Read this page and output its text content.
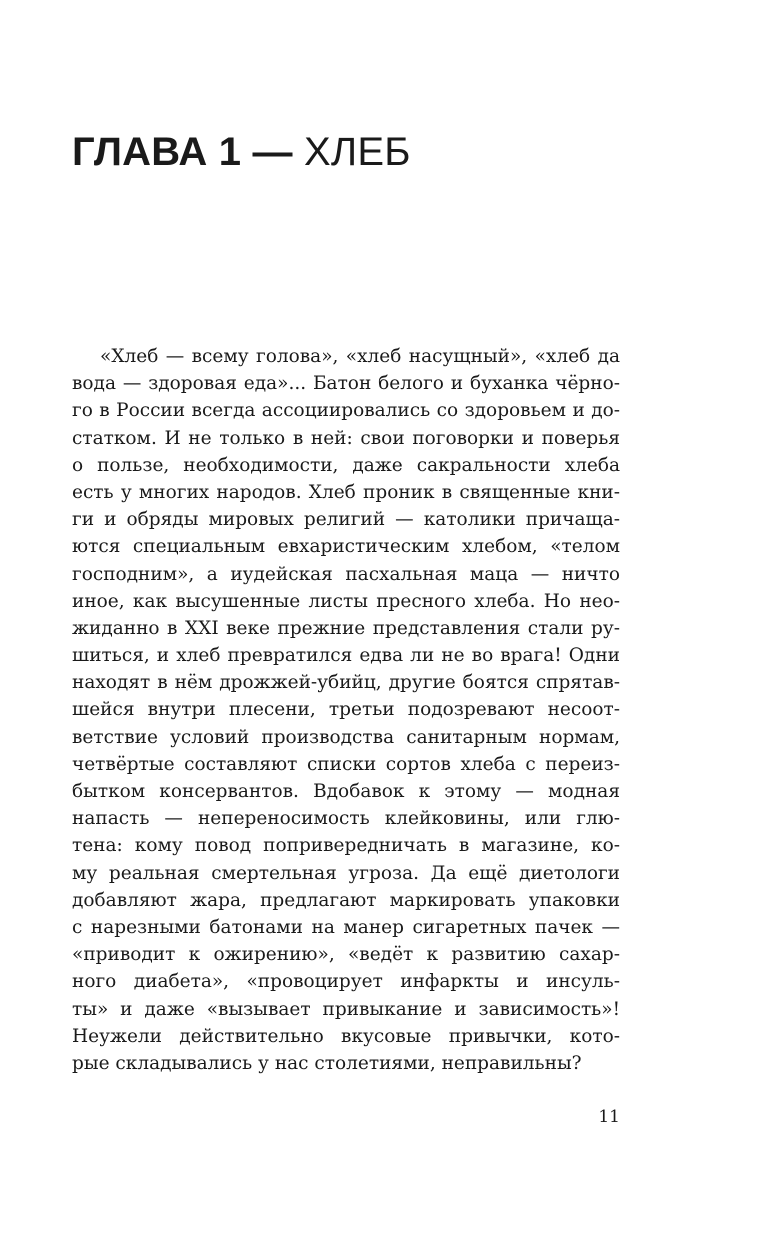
ГЛАВА 1 — ХЛЕБ
«Хлеб — всему голова», «хлеб насущный», «хлеб да
вода — здоровая еда»... Батон белого и буханка чёрно-
го в России всегда ассоциировались со здоровьем и до-
статком. И не только в ней: свои поговорки и поверья
о пользе, необходимости, даже сакральности хлеба
есть у многих народов. Хлеб проник в священные кни-
ги и обряды мировых религий — католики причаща-
ются специальным евхаристическим хлебом, «телом
господним», а иудейская пасхальная маца — ничто
иное, как высушенные листы пресного хлеба. Но нео-
жиданно в XXI веке прежние представления стали ру-
шиться, и хлеб превратился едва ли не во врага! Одни
находят в нём дрожжей-убийц, другие боятся спрятав-
шейся внутри плесени, третьи подозревают несоот-
ветствие условий производства санитарным нормам,
четвёртые составляют списки сортов хлеба с переиз-
бытком консервантов. Вдобавок к этому — модная
напасть — непереносимость клейковины, или глю-
тена: кому повод попривередничать в магазине, ко-
му реальная смертельная угроза. Да ещё диетологи
добавляют жара, предлагают маркировать упаковки
с нарезными батонами на манер сигаретных пачек —
«приводит к ожирению», «ведёт к развитию сахар-
ного диабета», «провоцирует инфаркты и инсуль-
ты» и даже «вызывает привыкание и зависимость»!
Неужели действительно вкусовые привычки, кото-
рые складывались у нас столетиями, неправильны?
11
